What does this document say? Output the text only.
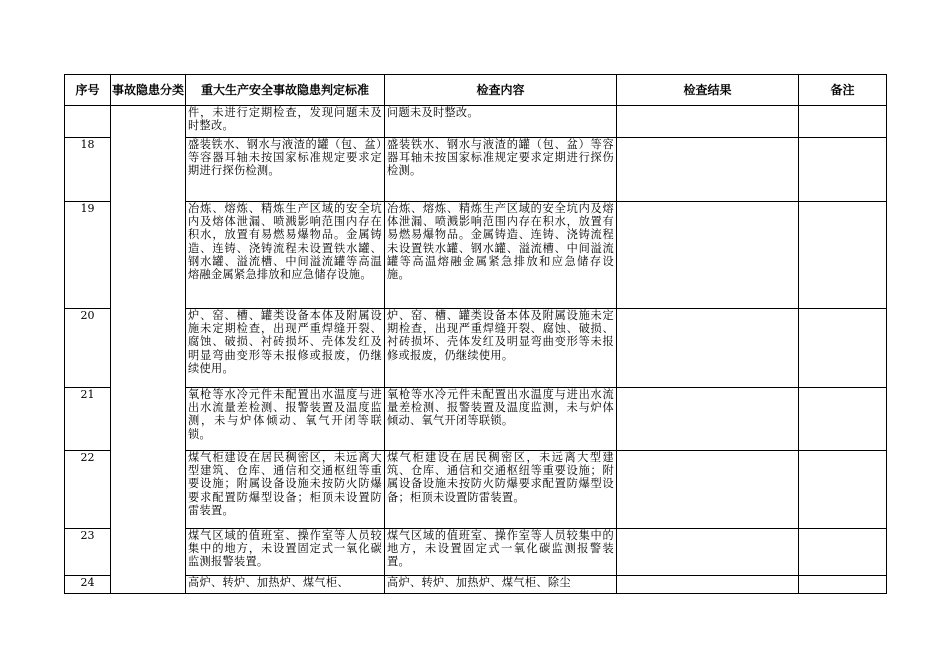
序号	事故隐患分类	重大生产安全事故隐患判定标准	检查内容	检查结果	备注

		件，未进行定期检查，发现问题未及时整改。	问题未及时整改。		

18		盛装铁水、钢水与液渣的罐（包、盆）等容器耳轴未按国家标准规定要求定期进行探伤检测。	盛装铁水、钢水与液渣的罐（包、盆）等容器耳轴未按国家标准规定要求定期进行探伤检测。		

19		冶炼、熔炼、精炼生产区域的安全坑内及熔体泄漏、喷溅影响范围内存在积水，放置有易燃易爆物品。金属铸造、连铸、浇铸流程未设置铁水罐、钢水罐、溢流槽、中间溢流罐等高温熔融金属紧急排放和应急储存设施。	冶炼、熔炼、精炼生产区域的安全坑内及熔体泄漏、喷溅影响范围内存在积水，放置有易燃易爆物品。金属铸造、连铸、浇铸流程未设置铁水罐、钢水罐、溢流槽、中间溢流罐等高温熔融金属紧急排放和应急储存设施。		

20		炉、窑、槽、罐类设备本体及附属设施未定期检查，出现严重焊缝开裂、腐蚀、破损、衬砖损坏、壳体发红及明显弯曲变形等未报修或报废，仍继续使用。	炉、窑、槽、罐类设备本体及附属设施未定期检查，出现严重焊缝开裂、腐蚀、破损、衬砖损坏、壳体发红及明显弯曲变形等未报修或报废，仍继续使用。		

21		氧枪等水冷元件未配置出水温度与进出水流量差检测、报警装置及温度监测，未与炉体倾动、氧气开闭等联锁。	氧枪等水冷元件未配置出水温度与进出水流量差检测、报警装置及温度监测，未与炉体倾动、氧气开闭等联锁。		

22		煤气柜建设在居民稠密区，未远离大型建筑、仓库、通信和交通枢纽等重要设施；附属设备设施未按防火防爆要求配置防爆型设备；柜顶未设置防雷装置。	煤气柜建设在居民稠密区，未远离大型建筑、仓库、通信和交通枢纽等重要设施；附属设备设施未按防火防爆要求配置防爆型设备；柜顶未设置防雷装置。		

23		煤气区域的值班室、操作室等人员较集中的地方，未设置固定式一氧化碳监测报警装置。	煤气区域的值班室、操作室等人员较集中的地方，未设置固定式一氧化碳监测报警装置。		

24		高炉、转炉、加热炉、煤气柜、	高炉、转炉、加热炉、煤气柜、除尘		
